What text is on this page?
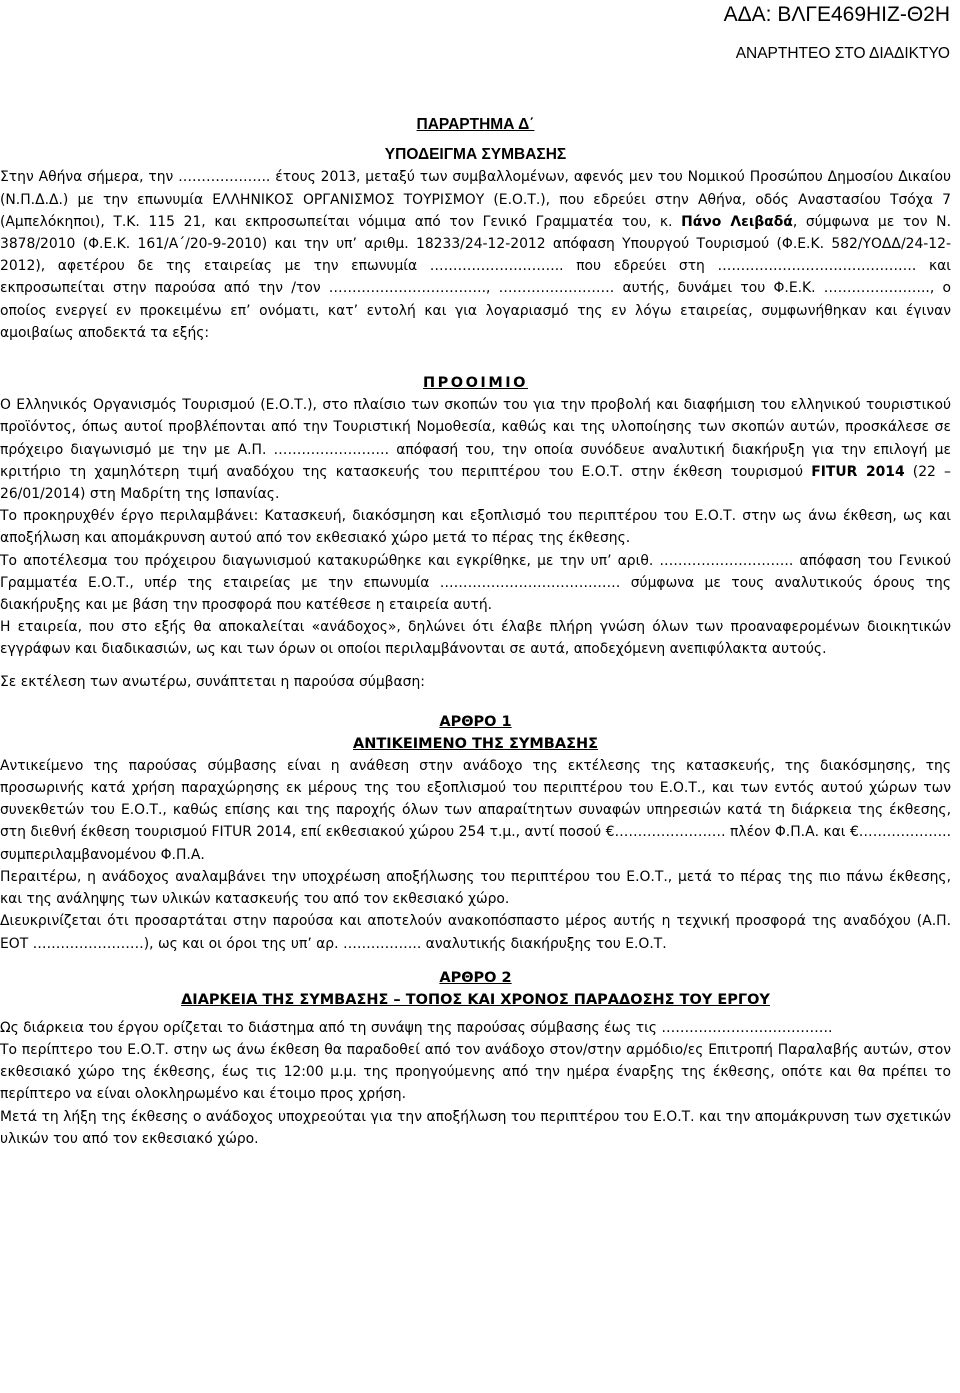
ΑΔΑ: ΒΛΓΕ469ΗΙΖ-Θ2Η
ΑΝΑΡΤΗΤΕΟ ΣΤΟ ΔΙΑΔΙΚΤΥΟ
ΠΑΡΑΡΤΗΜΑ Δ΄
ΥΠΟΔΕΙΓΜΑ ΣΥΜΒΑΣΗΣ

Στην Αθήνα σήμερα, την ……………….. έτους 2013, μεταξύ των συμβαλλομένων, αφενός μεν του Νομικού Προσώπου Δημοσίου Δικαίου (Ν.Π.Δ.Δ.) με την επωνυμία ΕΛΛΗΝΙΚΟΣ ΟΡΓΑΝΙΣΜΟΣ ΤΟΥΡΙΣΜΟΥ (Ε.Ο.Τ.), που εδρεύει στην Αθήνα, οδός Αναστασίου Τσόχα 7 (Αμπελόκηποι), Τ.Κ. 115 21, και εκπροσωπείται νόμιμα από τον Γενικό Γραμματέα του, κ. Πάνο Λειβαδά, σύμφωνα με τον Ν. 3878/2010 (Φ.Ε.Κ. 161/Α΄/20-9-2010) και την υπ’ αριθμ. 18233/24-12-2012 απόφαση Υπουργού Τουρισμού (Φ.Ε.Κ. 582/ΥΟΔΔ/24-12-2012), αφετέρου δε της εταιρείας με την επωνυμία ……………………….. που εδρεύει στη ……………………………………. και εκπροσωπείται στην παρούσα από την /τον ……………………………., ……………………. αυτής, δυνάμει του Φ.Ε.Κ. ………………….., ο οποίος ενεργεί εν προκειμένω επ’ ονόματι, κατ’ εντολή και για λογαριασμό της εν λόγω εταιρείας, συμφωνήθηκαν και έγιναν αμοιβαίως αποδεκτά τα εξής:

ΠΡΟΟΙΜΙΟ

Ο Ελληνικός Οργανισμός Τουρισμού (Ε.Ο.Τ.), στο πλαίσιο των σκοπών του για την προβολή και διαφήμιση του ελληνικού τουριστικού προϊόντος, όπως αυτοί προβλέπονται από την Τουριστική Νομοθεσία, καθώς και της υλοποίησης των σκοπών αυτών, προσκάλεσε σε πρόχειρο διαγωνισμό με την με Α.Π. ……………………. απόφασή του, την οποία συνόδευε αναλυτική διακήρυξη για την επιλογή με κριτήριο τη χαμηλότερη τιμή αναδόχου της κατασκευής του περιπτέρου του Ε.Ο.Τ. στην έκθεση τουρισμού FITUR 2014 (22 – 26/01/2014) στη Μαδρίτη της Ισπανίας.

Το προκηρυχθέν έργο περιλαμβάνει: Κατασκευή, διακόσμηση και εξοπλισμό του περιπτέρου του Ε.Ο.Τ. στην ως άνω έκθεση, ως και αποξήλωση και απομάκρυνση αυτού από τον εκθεσιακό χώρο μετά το πέρας της έκθεσης.

Το αποτέλεσμα του πρόχειρου διαγωνισμού κατακυρώθηκε και εγκρίθηκε, με την υπ’ αριθ. ……………………….. απόφαση του Γενικού Γραμματέα Ε.Ο.Τ., υπέρ της εταιρείας με την επωνυμία ………………………………… σύμφωνα με τους αναλυτικούς όρους της διακήρυξης και με βάση την προσφορά που κατέθεσε η εταιρεία αυτή.

Η εταιρεία, που στο εξής θα αποκαλείται «ανάδοχος», δηλώνει ότι έλαβε πλήρη γνώση όλων των προαναφερομένων διοικητικών εγγράφων και διαδικασιών, ως και των όρων οι οποίοι περιλαμβάνονται σε αυτά, αποδεχόμενη ανεπιφύλακτα αυτούς.

Σε εκτέλεση των ανωτέρω, συνάπτεται η παρούσα σύμβαση:

ΑΡΘΡΟ 1
ΑΝΤΙΚΕΙΜΕΝΟ ΤΗΣ ΣΥΜΒΑΣΗΣ

Αντικείμενο της παρούσας σύμβασης είναι η ανάθεση στην ανάδοχο της εκτέλεσης της κατασκευής, της διακόσμησης, της προσωρινής κατά χρήση παραχώρησης εκ μέρους της του εξοπλισμού του περιπτέρου του Ε.Ο.Τ., και των εντός αυτού χώρων των συνεκθετών του Ε.Ο.Τ., καθώς επίσης και της παροχής όλων των απαραίτητων συναφών υπηρεσιών κατά τη διάρκεια της έκθεσης, στη διεθνή έκθεση τουρισμού FITUR 2014, επί εκθεσιακού χώρου 254 τ.μ., αντί ποσού €…………………… πλέον Φ.Π.Α. και €……………….. συμπεριλαμβανομένου Φ.Π.Α.

Περαιτέρω, η ανάδοχος αναλαμβάνει την υποχρέωση αποξήλωσης του περιπτέρου του Ε.Ο.Τ., μετά το πέρας της πιο πάνω έκθεσης, και της ανάληψης των υλικών κατασκευής του από τον εκθεσιακό χώρο.

Διευκρινίζεται ότι προσαρτάται στην παρούσα και αποτελούν ανακοπόσπαστο μέρος αυτής η τεχνική προσφορά της αναδόχου (Α.Π. ΕΟΤ ……………………), ως και οι όροι της υπ’ αρ. …………….. αναλυτικής διακήρυξης του Ε.Ο.Τ.

ΑΡΘΡΟ 2
ΔΙΑΡΚΕΙΑ ΤΗΣ ΣΥΜΒΑΣΗΣ – ΤΟΠΟΣ ΚΑΙ ΧΡΟΝΟΣ ΠΑΡΑΔΟΣΗΣ ΤΟΥ ΕΡΓΟΥ

Ως διάρκεια του έργου ορίζεται το διάστημα από τη συνάψη της παρούσας σύμβασης έως τις ……………………………….

Το περίπτερο του Ε.Ο.Τ. στην ως άνω έκθεση θα παραδοθεί από τον ανάδοχο στον/στην αρμόδιο/ες Επιτροπή Παραλαβής αυτών, στον εκθεσιακό χώρο της έκθεσης, έως τις 12:00 μ.μ. της προηγούμενης από την ημέρα έναρξης της έκθεσης, οπότε και θα πρέπει το περίπτερο να είναι ολοκληρωμένο και έτοιμο προς χρήση.

Μετά τη λήξη της έκθεσης ο ανάδοχος υποχρεούται για την αποξήλωση του περιπτέρου του Ε.Ο.Τ. και την απομάκρυνση των σχετικών υλικών του από τον εκθεσιακό χώρο.
